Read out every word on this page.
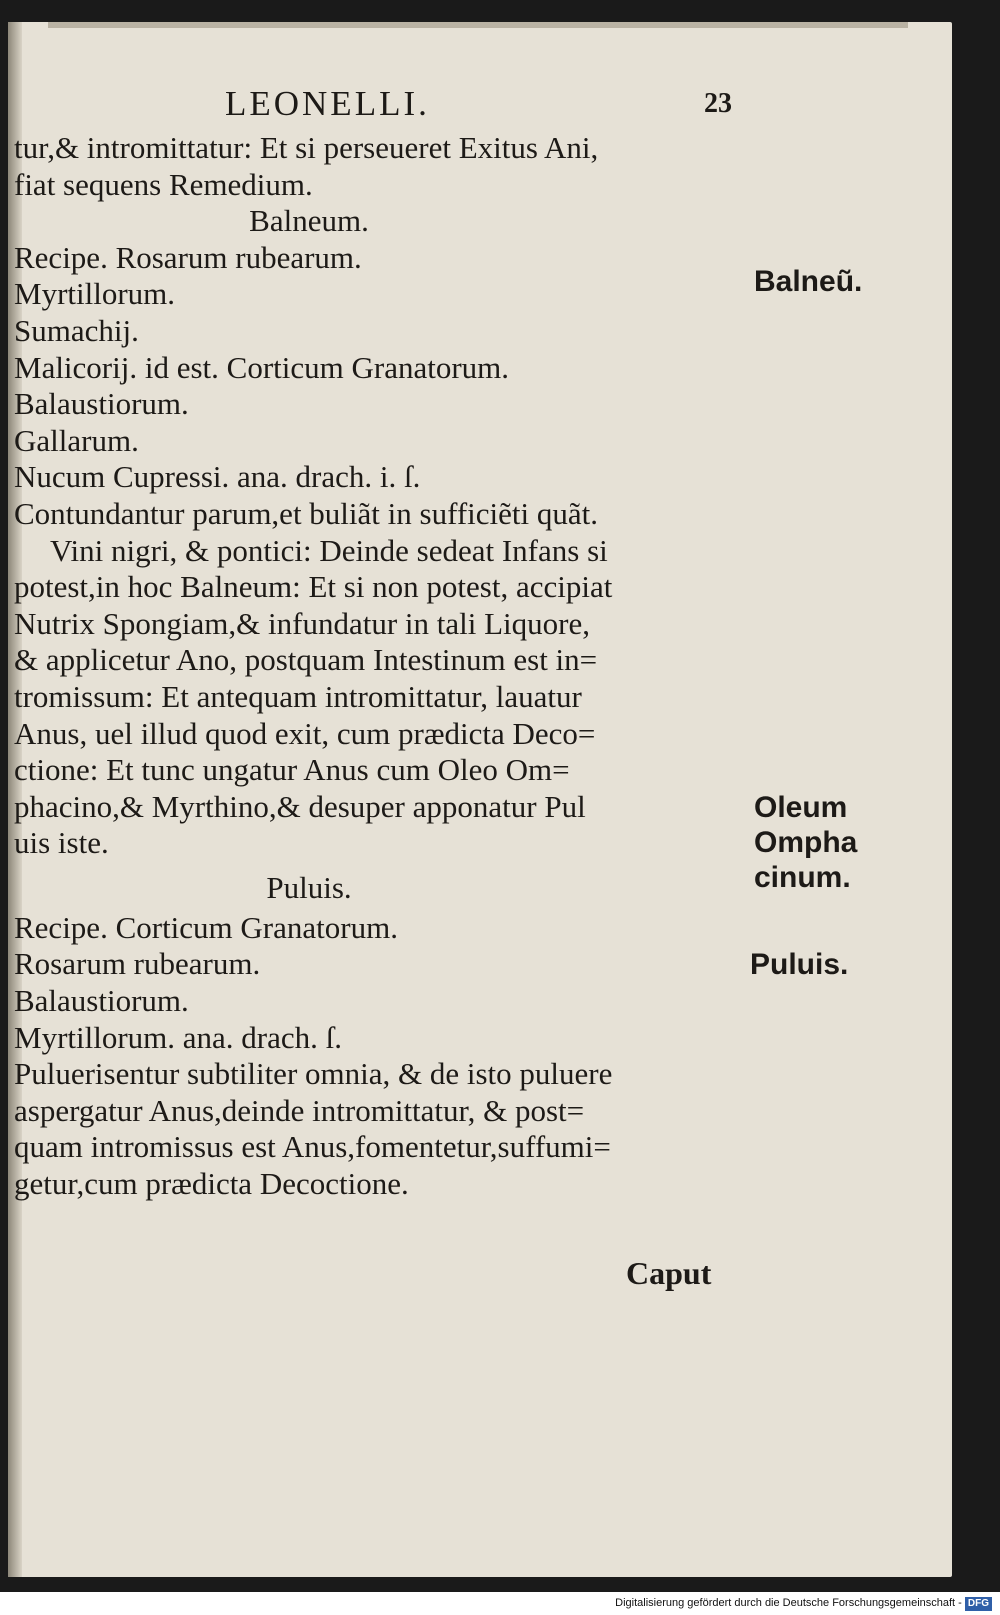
LEONELLI.	23
tur,& intromittatur: Et si perseueret Exitus Ani,
fiat sequens Remedium.
Balneum.
Recipe. Rosarum rubearum.
Myrtillorum.
Sumachij.
Malicorij. id est. Corticum Granatorum.
Balaustiorum.
Gallarum.
Nucum Cupressi. ana. drach. i. ſ.
Contundantur parum,et buliãt in sufficiẽti quãt.
Vini nigri, & pontici: Deinde sedeat Infans si
potest,in hoc Balneum: Et si non potest, accipiat
Nutrix Spongiam,& infundatur in tali Liquore,
& applicetur Ano, postquam Intestinum est in=
tromissum: Et antequam intromittatur, lauatur
Anus, uel illud quod exit, cum prædicta Deco=
ctione: Et tunc ungatur Anus cum Oleo Om=
phacino,& Myrthino,& desuper apponatur Pul
uis iste.
Puluis.
Recipe. Corticum Granatorum.
Rosarum rubearum.
Balaustiorum.
Myrtillorum. ana. drach. ſ.
Puluerisentur subtiliter omnia, & de isto puluere
aspergatur Anus,deinde intromittatur, & post=
quam intromissus est Anus,fomentetur,suffumi=
getur,cum prædicta Decoctione.
Balneũ.
Oleum
Ompha
cinum.
Puluis.
Caput
Digitalisierung gefördert durch die Deutsche Forschungsgemeinschaft - DFG
